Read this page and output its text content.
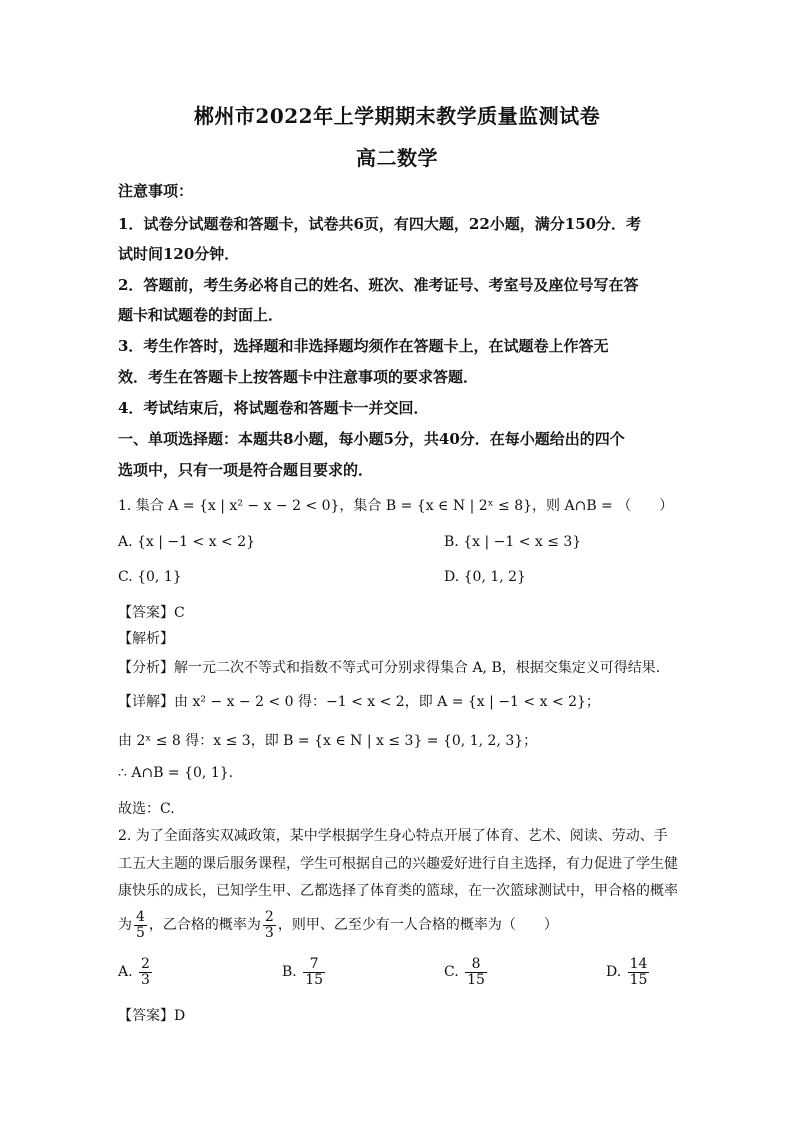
郴州市2022年上学期期末教学质量监测试卷
高二数学
注意事项：
1．试卷分试题卷和答题卡，试卷共6页，有四大题，22小题，满分150分．考
试时间120分钟．
2．答题前，考生务必将自己的姓名、班次、准考证号、考室号及座位号写在答
题卡和试题卷的封面上．
3．考生作答时，选择题和非选择题均须作在答题卡上，在试题卷上作答无
效．考生在答题卡上按答题卡中注意事项的要求答题．
4．考试结束后，将试题卷和答题卡一并交回．
一、单项选择题：本题共8小题，每小题5分，共40分．在每小题给出的四个
选项中，只有一项是符合题目要求的．
1. 集合 A = {x | x² − x − 2 < 0}，集合 B = {x ∈ N | 2ˣ ≤ 8}，则 A∩B = （　　）
A. {x | −1 < x < 2}	B. {x | −1 < x ≤ 3}
C. {0, 1}	D. {0, 1, 2}
【答案】C
【解析】
【分析】解一元二次不等式和指数不等式可分别求得集合 A, B，根据交集定义可得结果.
【详解】由 x² − x − 2 < 0 得：−1 < x < 2，即 A = {x | −1 < x < 2}；
由 2ˣ ≤ 8 得：x ≤ 3，即 B = {x ∈ N | x ≤ 3} = {0, 1, 2, 3}；
∴ A∩B = {0, 1}.
故选：C.
2. 为了全面落实双减政策，某中学根据学生身心特点开展了体育、艺术、阅读、劳动、手
工五大主题的课后服务课程，学生可根据自己的兴趣爱好进行自主选择，有力促进了学生健
康快乐的成长，已知学生甲、乙都选择了体育类的篮球，在一次篮球测试中，甲合格的概率
为 $\frac{4}{5}$ ，乙合格的概率为 $\frac{2}{3}$ ，则甲、乙至少有一人合格的概率为（　　）
A. $\frac{2}{3}$	B. $\frac{7}{15}$	C. $\frac{8}{15}$	D. $\frac{14}{15}$
【答案】D
